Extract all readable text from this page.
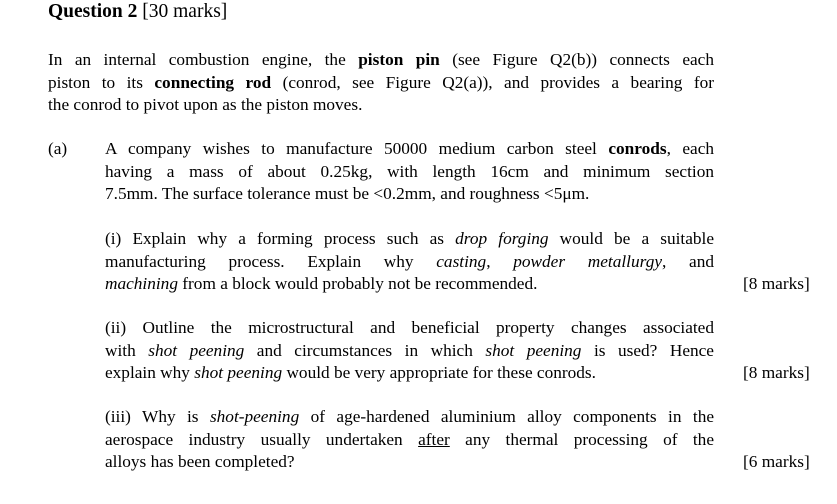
Question 2 [30 marks]
In an internal combustion engine, the piston pin (see Figure Q2(b)) connects each
piston to its connecting rod (conrod, see Figure Q2(a)), and provides a bearing for
the conrod to pivot upon as the piston moves.
(a) A company wishes to manufacture 50000 medium carbon steel conrods, each
having a mass of about 0.25kg, with length 16cm and minimum section
7.5mm. The surface tolerance must be <0.2mm, and roughness <5μm.
(i) Explain why a forming process such as drop forging would be a suitable
manufacturing process. Explain why casting, powder metallurgy, and
machining from a block would probably not be recommended.	[8 marks]
(ii) Outline the microstructural and beneficial property changes associated
with shot peening and circumstances in which shot peening is used? Hence
explain why shot peening would be very appropriate for these conrods.	[8 marks]
(iii) Why is shot-peening of age-hardened aluminium alloy components in the
aerospace industry usually undertaken after any thermal processing of the
alloys has been completed?	[6 marks]
